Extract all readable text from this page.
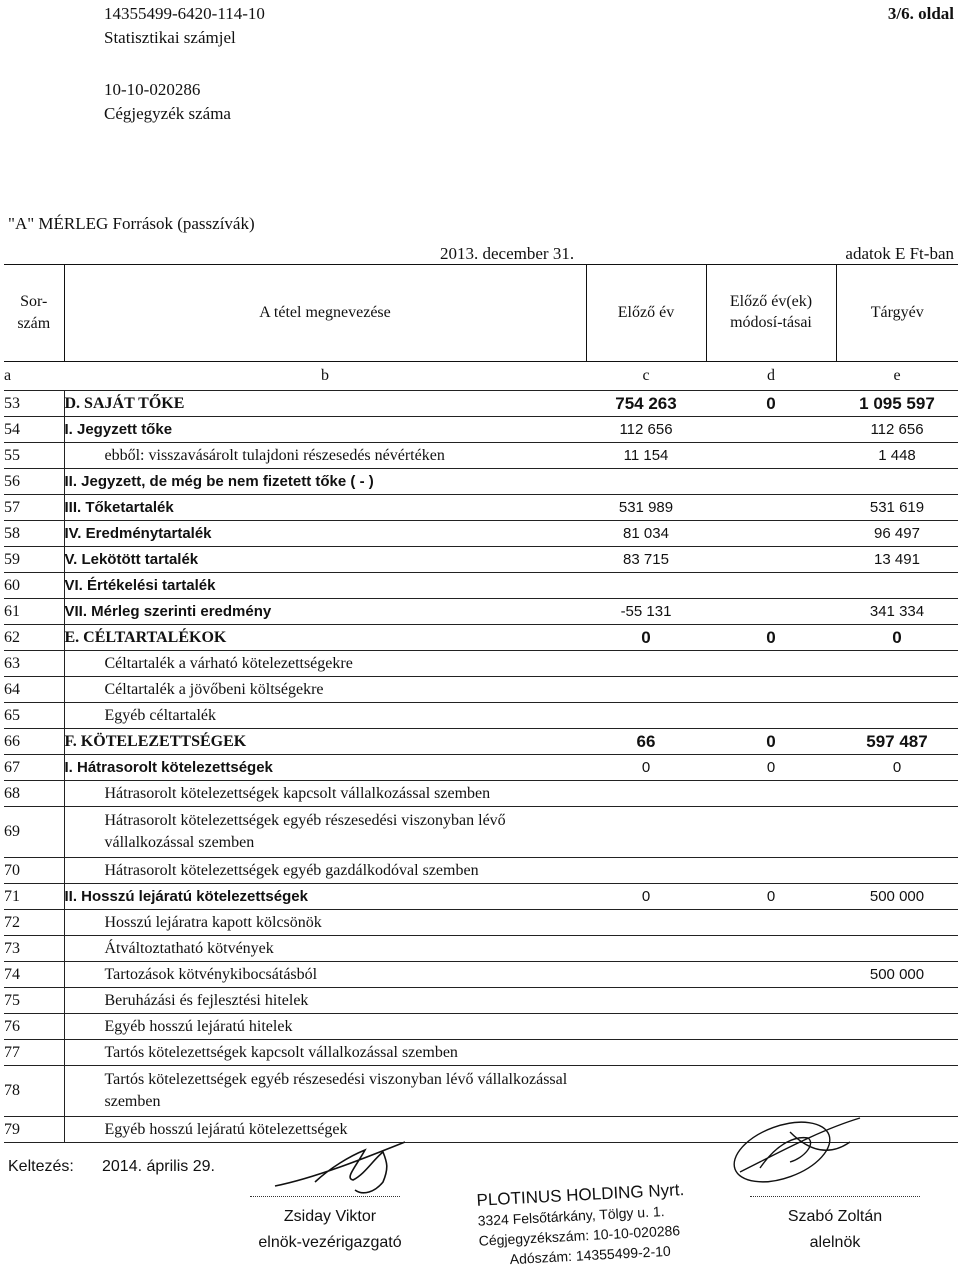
14355499-6420-114-10
Statisztikai számjel
10-10-020286
Cégjegyzék száma
3/6. oldal
"A" MÉRLEG Források (passzívák)
2013. december 31.	adatok E Ft-ban
Sor-szám	A tétel megnevezése	Előző év	Előző év(ek) módosí-tásai	Tárgyév
a	b	c	d	e
53	D. SAJÁT TŐKE	754 263	0	1 095 597
54	I. Jegyzett tőke	112 656		112 656
55	ebből: visszavásárolt tulajdoni részesedés névértéken	11 154		1 448
56	II. Jegyzett, de még be nem fizetett tőke ( - )			
57	III. Tőketartalék	531 989		531 619
58	IV. Eredménytartalék	81 034		96 497
59	V. Lekötött tartalék	83 715		13 491
60	VI. Értékelési tartalék			
61	VII. Mérleg szerinti eredmény	-55 131		341 334
62	E. CÉLTARTALÉKOK	0	0	0
63	Céltartalék a várható kötelezettségekre			
64	Céltartalék a jövőbeni költségekre			
65	Egyéb céltartalék			
66	F. KÖTELEZETTSÉGEK	66	0	597 487
67	I. Hátrasorolt kötelezettségek	0	0	0
68	Hátrasorolt kötelezettségek kapcsolt vállalkozással szemben			
69	Hátrasorolt kötelezettségek egyéb részesedési viszonyban lévő vállalkozással szemben			
70	Hátrasorolt kötelezettségek egyéb gazdálkodóval szemben			
71	II. Hosszú lejáratú kötelezettségek	0	0	500 000
72	Hosszú lejáratra kapott kölcsönök			
73	Átváltoztatható kötvények			
74	Tartozások kötvénykibocsátásból			500 000
75	Beruházási és fejlesztési hitelek			
76	Egyéb hosszú lejáratú hitelek			
77	Tartós kötelezettségek kapcsolt vállalkozással szemben			
78	Tartós kötelezettségek egyéb részesedési viszonyban lévő vállalkozással szemben			
79	Egyéb hosszú lejáratú kötelezettségek			
Keltezés: 2014. április 29.
Zsiday Viktor
elnök-vezérigazgató
PLOTINUS HOLDING Nyrt.
3324 Felsőtárkány, Tölgy u. 1.
Cégjegyzékszám: 10-10-020286
Adószám: 14355499-2-10
Szabó Zoltán
alelnök
